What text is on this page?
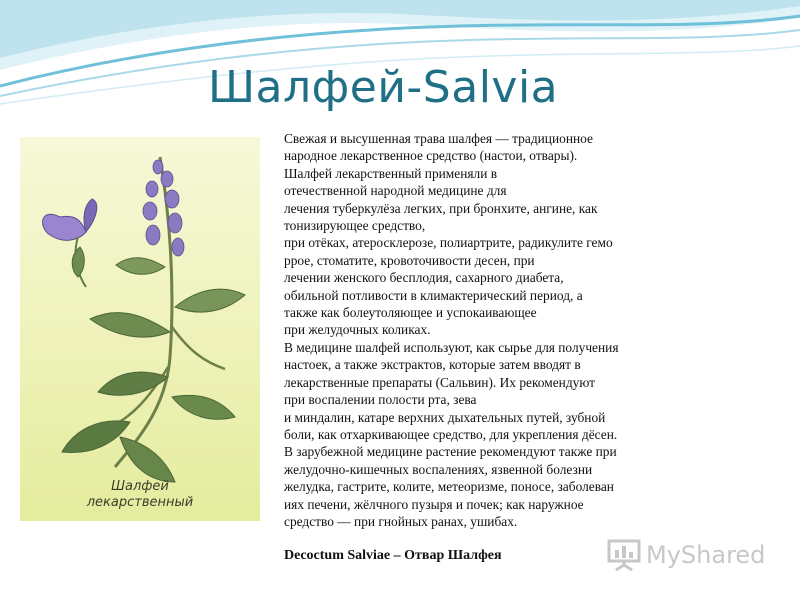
Шалфей-Salvia
Шалфей
лекарственный
Свежая и высушенная трава шалфея — традиционное
народное лекарственное средство (настои, отвары).
Шалфей лекарственный применяли в
отечественной народной медицине для
лечения туберкулёза легких, при бронхите, ангине, как
тонизирующее средство,
при отёках, атеросклерозе, полиартрите, радикулите гемо
ррое, стоматите, кровоточивости десен, при
лечении женского бесплодия, сахарного диабета,
обильной потливости в климактерический период, а
также как болеутоляющее и успокаивающее
при желудочных коликах.
В медицине шалфей используют, как сырье для получения
настоек, а также экстрактов, которые затем вводят в
лекарственные препараты (Сальвин). Их рекомендуют
при воспалении полости рта, зева
и миндалин, катаре верхних дыхательных путей, зубной
боли, как отхаркивающее средство, для укрепления дёсен.
В зарубежной медицине растение рекомендуют также при
желудочно-кишечных воспалениях, язвенной болезни
желудка, гастрите, колите, метеоризме, поносе, заболеван
иях печени, жёлчного пузыря и почек; как наружное
средство — при гнойных ранах, ушибах.
Decoctum Salviae – Отвар Шалфея	MyShared
